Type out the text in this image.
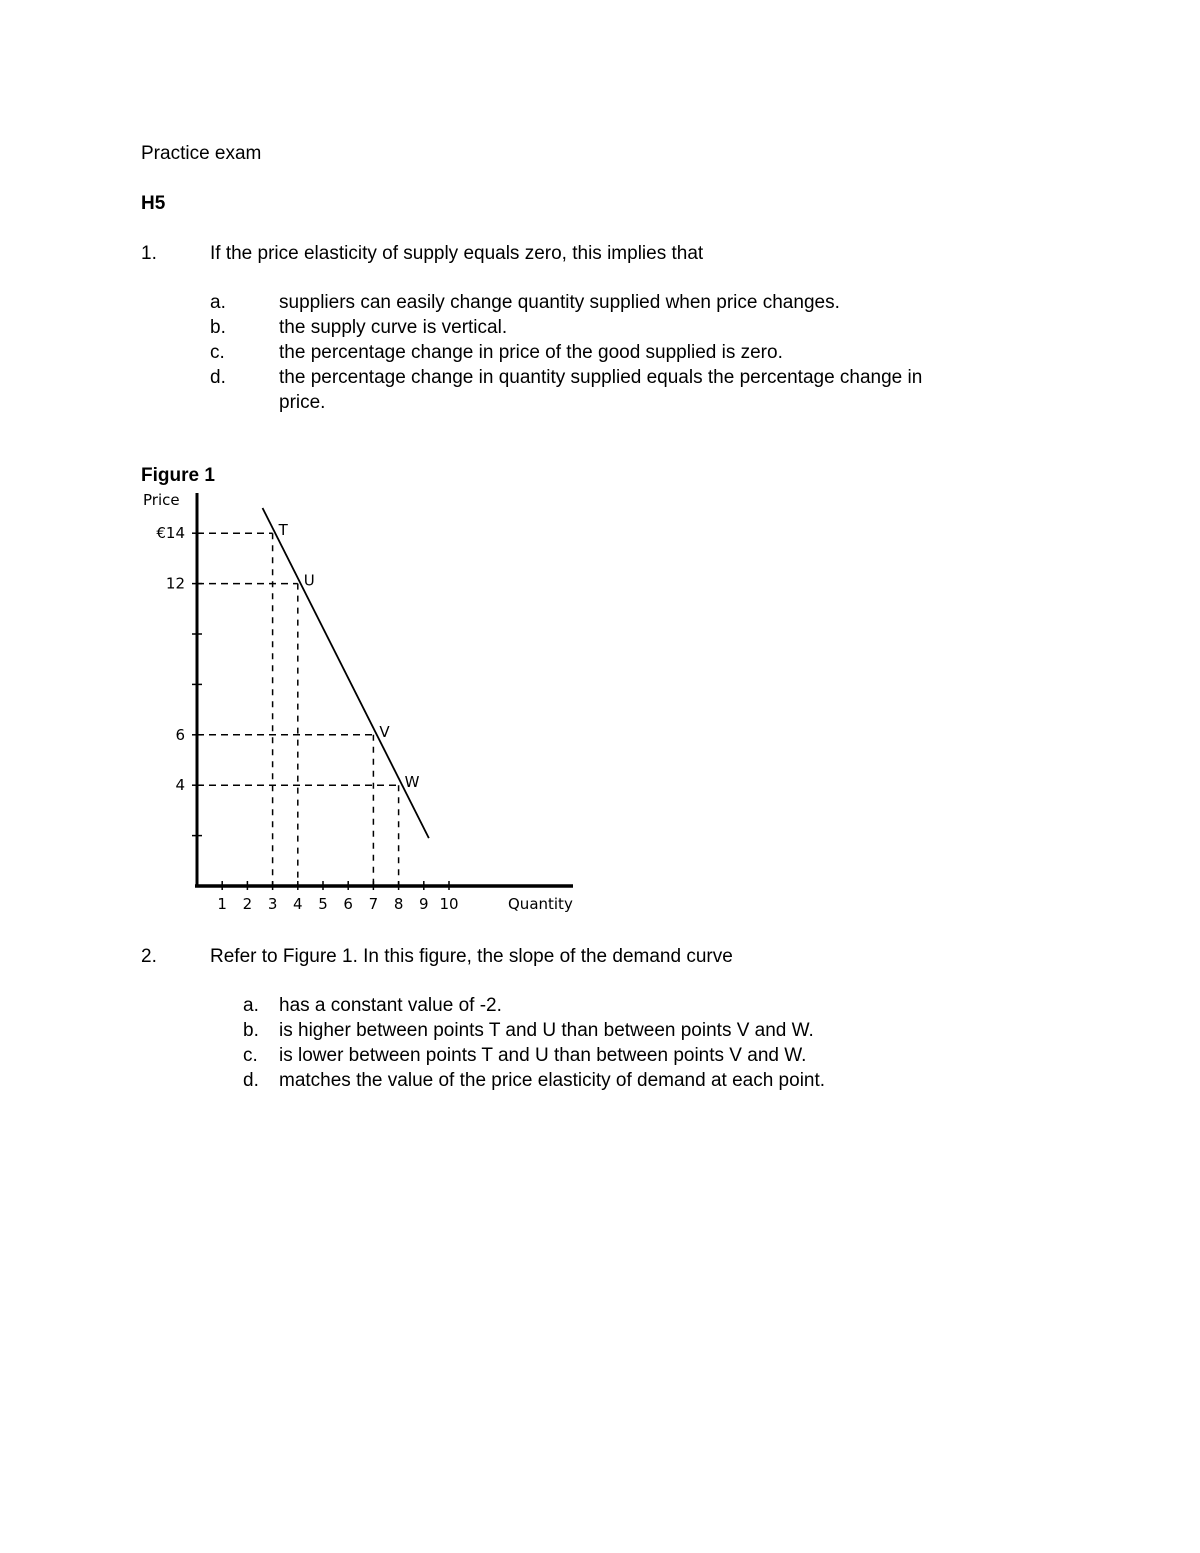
Practice exam
H5
1.	If the price elasticity of supply equals zero, this implies that
a.	suppliers can easily change quantity supplied when price changes.
b.	the supply curve is vertical.
c.	the percentage change in price of the good supplied is zero.
d.	the percentage change in quantity supplied equals the percentage change in
price.
Figure 1
€14
12
6
4
1 2 3 4 5 6 7 8 9 10
T
U
V
W
Price
Quantity
2.	Refer to Figure 1. In this figure, the slope of the demand curve
a. has a constant value of -2.
b. is higher between points T and U than between points V and W.
c. is lower between points T and U than between points V and W.
d. matches the value of the price elasticity of demand at each point.
